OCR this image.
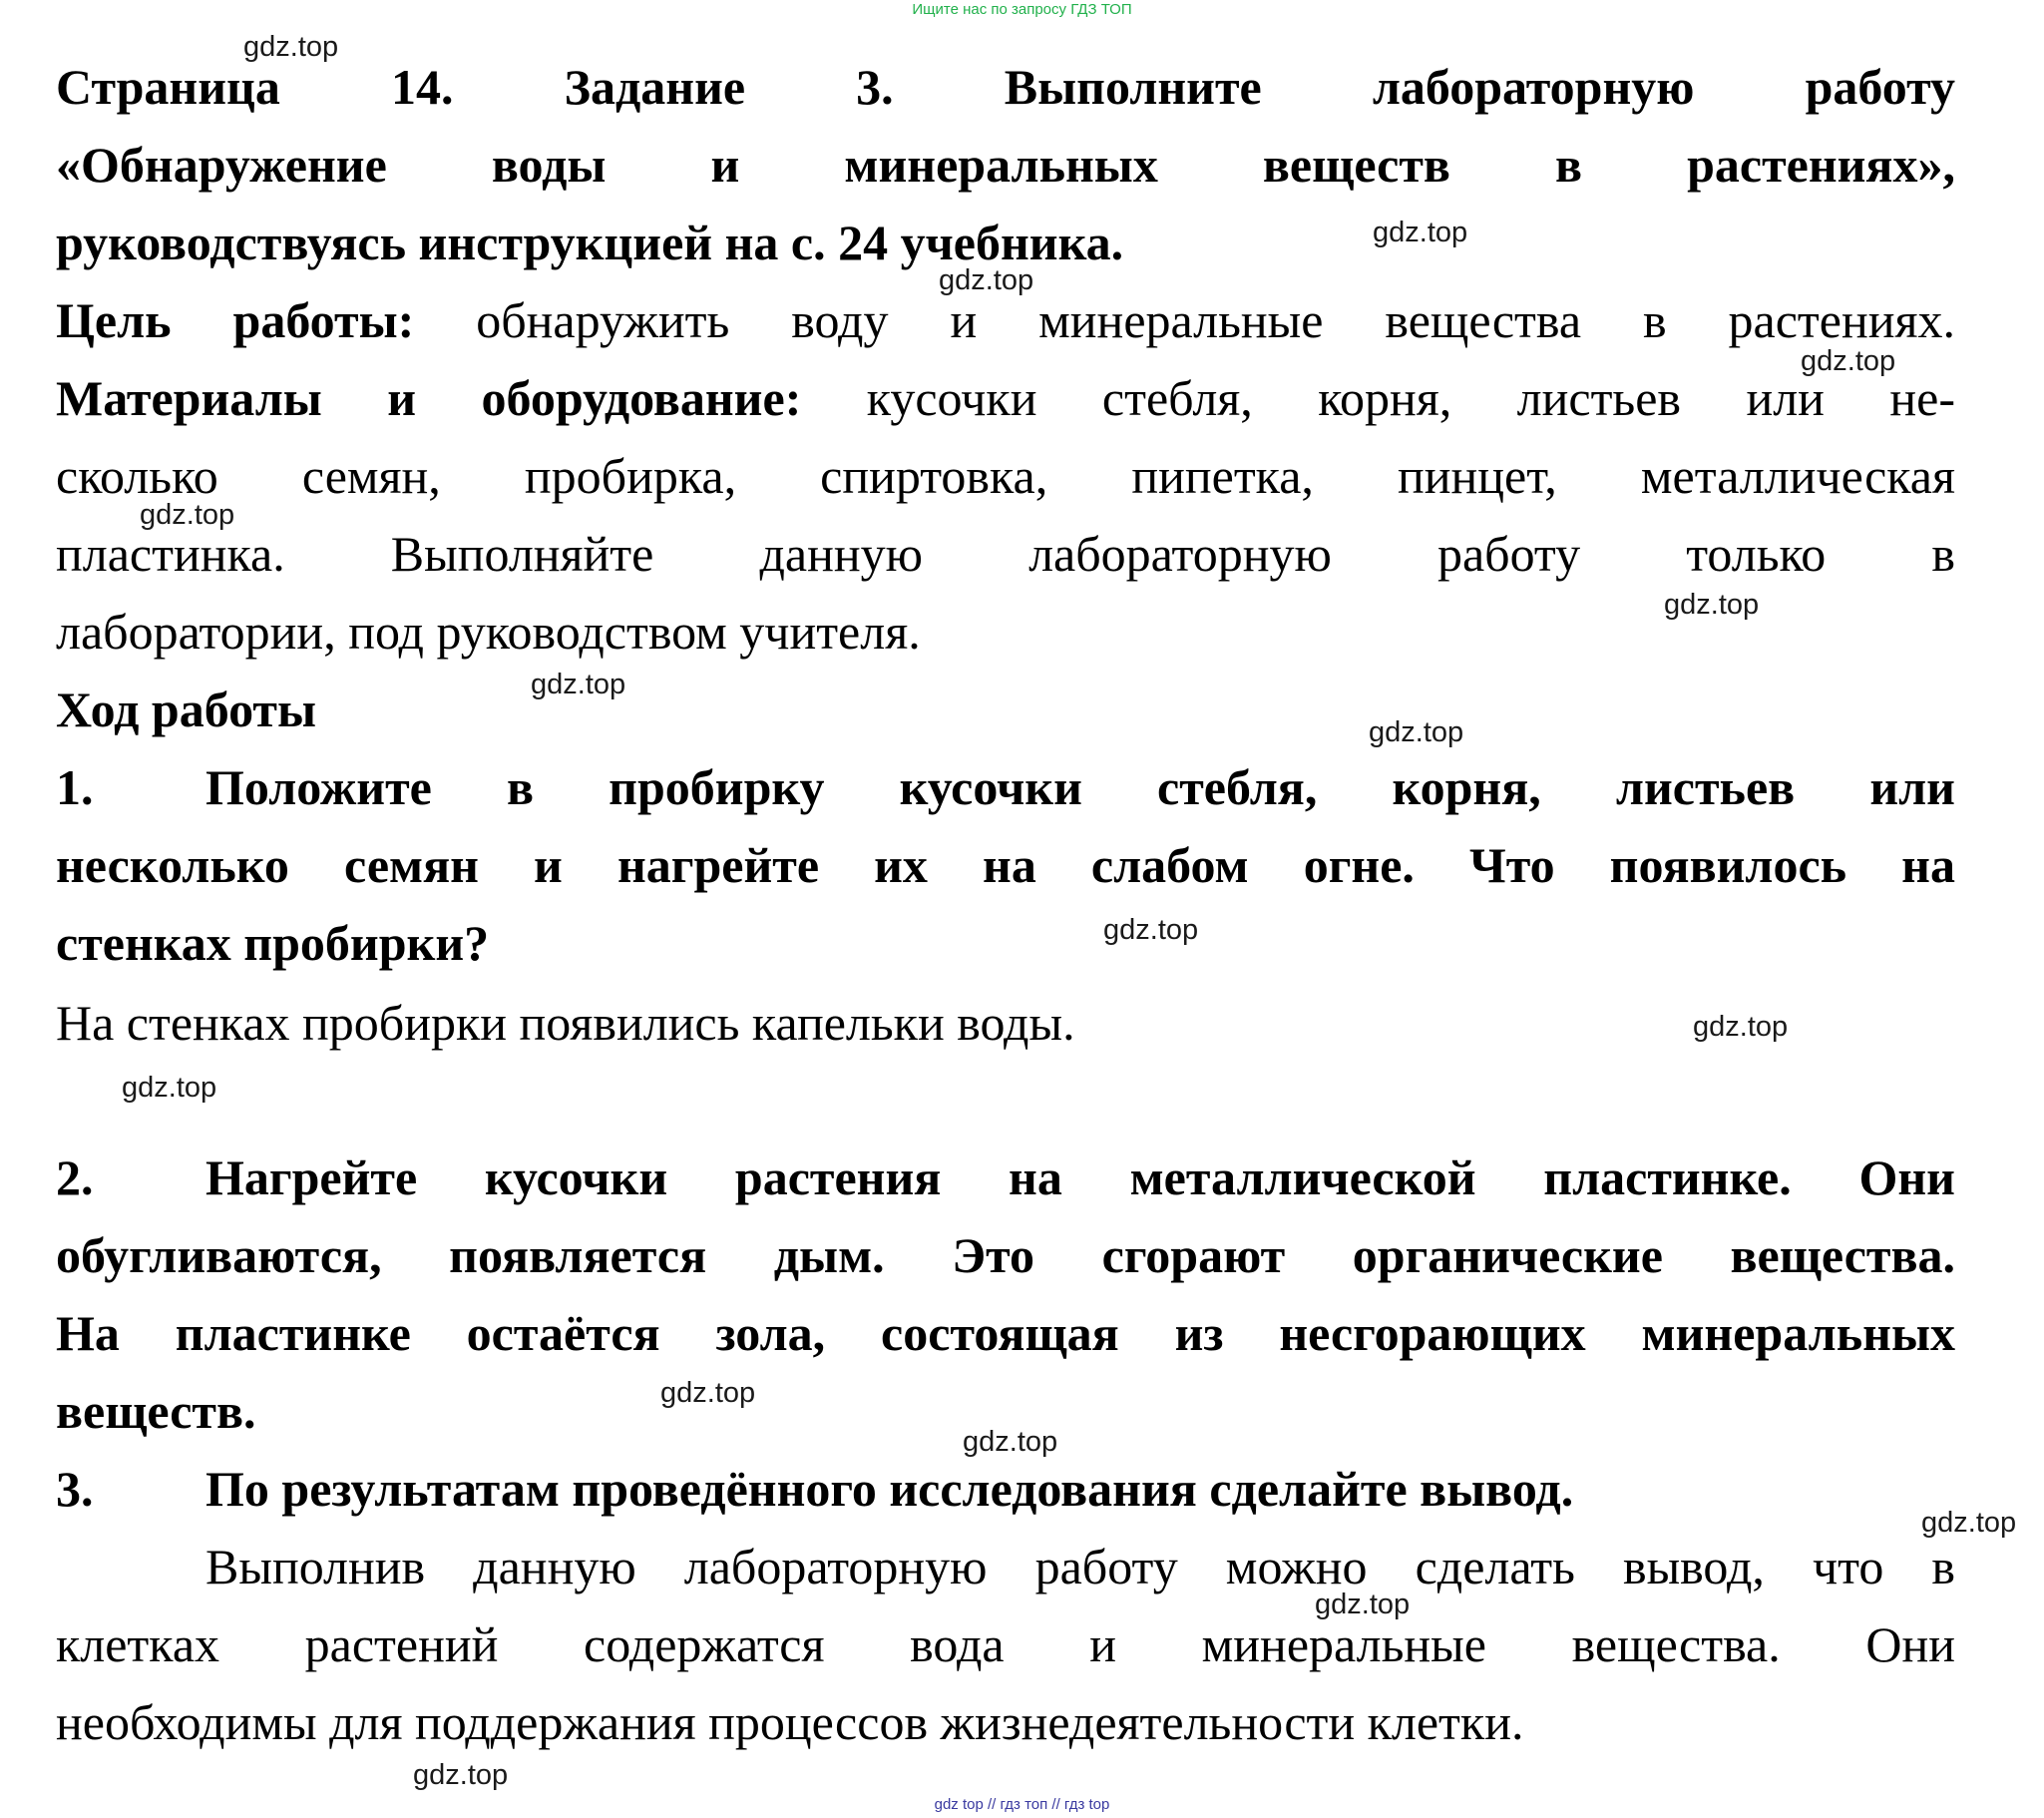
Ищите нас по запросу ГДЗ ТОП
Страница 14. Задание 3. Выполните лабораторную работу
«Обнаружение воды и минеральных веществ в растениях»,
руководствуясь инструкцией на с. 24 учебника.
Цель работы: обнаружить воду и минеральные вещества в растениях.
Материалы и оборудование: кусочки стебля, корня, листьев или не-
сколько семян, пробирка, спиртовка, пипетка, пинцет, металлическая
пластинка. Выполняйте данную лабораторную работу только в
лаборатории, под руководством учителя.
Ход работы
1. Положите в пробирку кусочки стебля, корня, листьев или
несколько семян и нагрейте их на слабом огне. Что появилось на
стенках пробирки?
На стенках пробирки появились капельки воды.
2. Нагрейте кусочки растения на металлической пластинке. Они
обугливаются, появляется дым. Это сгорают органические вещества.
На пластинке остаётся зола, состоящая из несгорающих минеральных
веществ.
3. По результатам проведённого исследования сделайте вывод.
Выполнив данную лабораторную работу можно сделать вывод, что в
клетках растений содержатся вода и минеральные вещества. Они
необходимы для поддержания процессов жизнедеятельности клетки.
gdz.top
gdz.top
gdz.top
gdz.top
gdz.top
gdz.top
gdz.top
gdz.top
gdz.top
gdz.top
gdz.top
gdz.top
gdz.top
gdz.top
gdz.top
gdz.top
gdz top // гдз топ // гдз top
